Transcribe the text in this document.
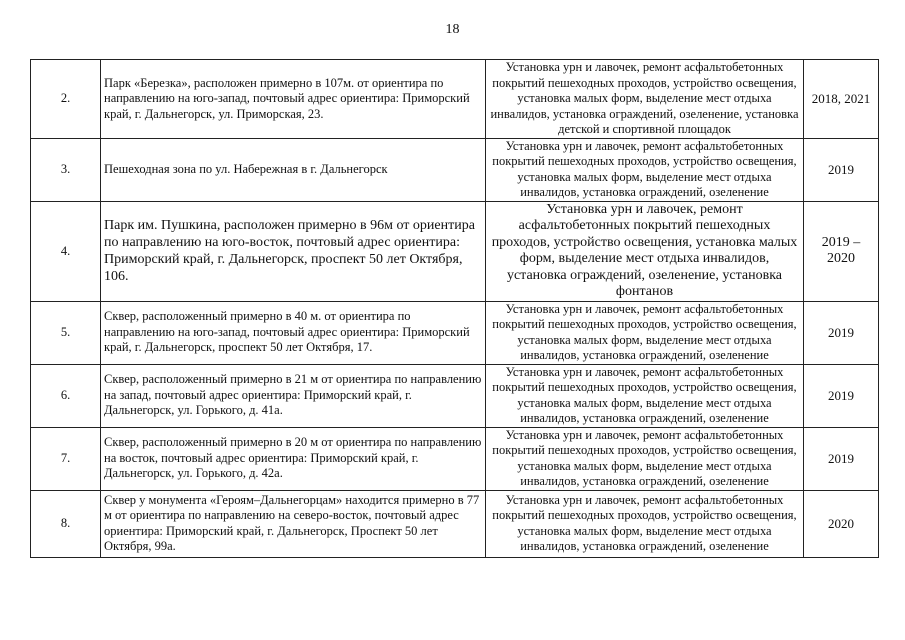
18
2.	Парк «Березка», расположен примерно в 107м. от ориентира по направлению на юго-запад, почтовый адрес ориентира: Приморский край, г. Дальнегорск, ул. Приморская, 23.	Установка урн и лавочек, ремонт асфальтобетонных покрытий пешеходных проходов, устройство освещения, установка малых форм, выделение мест отдыха инвалидов, установка ограждений, озеленение, установка детской и спортивной площадок	2018, 2021
3.	Пешеходная зона по ул. Набережная в г. Дальнегорск	Установка урн и лавочек, ремонт асфальтобетонных покрытий пешеходных проходов, устройство освещения, установка малых форм, выделение мест отдыха инвалидов, установка ограждений, озеленение	2019
4.	Парк им. Пушкина, расположен примерно в 96м от ориентира по направлению на юго-восток, почтовый адрес ориентира: Приморский край, г. Дальнегорск, проспект 50 лет Октября, 106.	Установка урн и лавочек, ремонт асфальтобетонных покрытий пешеходных проходов, устройство освещения, установка малых форм, выделение мест отдыха инвалидов, установка ограждений, озеленение, установка фонтанов	2019 – 2020
5.	Сквер, расположенный примерно в 40 м. от ориентира по направлению на юго-запад, почтовый адрес ориентира: Приморский край, г. Дальнегорск, проспект 50 лет Октября, 17.	Установка урн и лавочек, ремонт асфальтобетонных покрытий пешеходных проходов, устройство освещения, установка малых форм, выделение мест отдыха инвалидов, установка ограждений, озеленение	2019
6.	Сквер, расположенный примерно в 21 м от ориентира по направлению на запад, почтовый адрес ориентира: Приморский край, г. Дальнегорск, ул. Горького, д. 41а.	Установка урн и лавочек, ремонт асфальтобетонных покрытий пешеходных проходов, устройство освещения, установка малых форм, выделение мест отдыха инвалидов, установка ограждений, озеленение	2019
7.	Сквер, расположенный примерно в 20 м от ориентира по направлению на восток, почтовый адрес ориентира: Приморский край, г. Дальнегорск, ул. Горького, д. 42а.	Установка урн и лавочек, ремонт асфальтобетонных покрытий пешеходных проходов, устройство освещения, установка малых форм, выделение мест отдыха инвалидов, установка ограждений, озеленение	2019
8.	Сквер у монумента «Героям–Дальнегорцам» находится примерно в 77 м от ориентира по направлению на северо-восток, почтовый адрес ориентира: Приморский край, г. Дальнегорск, Проспект 50 лет Октября, 99а.	Установка урн и лавочек, ремонт асфальтобетонных покрытий пешеходных проходов, устройство освещения, установка малых форм, выделение мест отдыха инвалидов, установка ограждений, озеленение	2020
